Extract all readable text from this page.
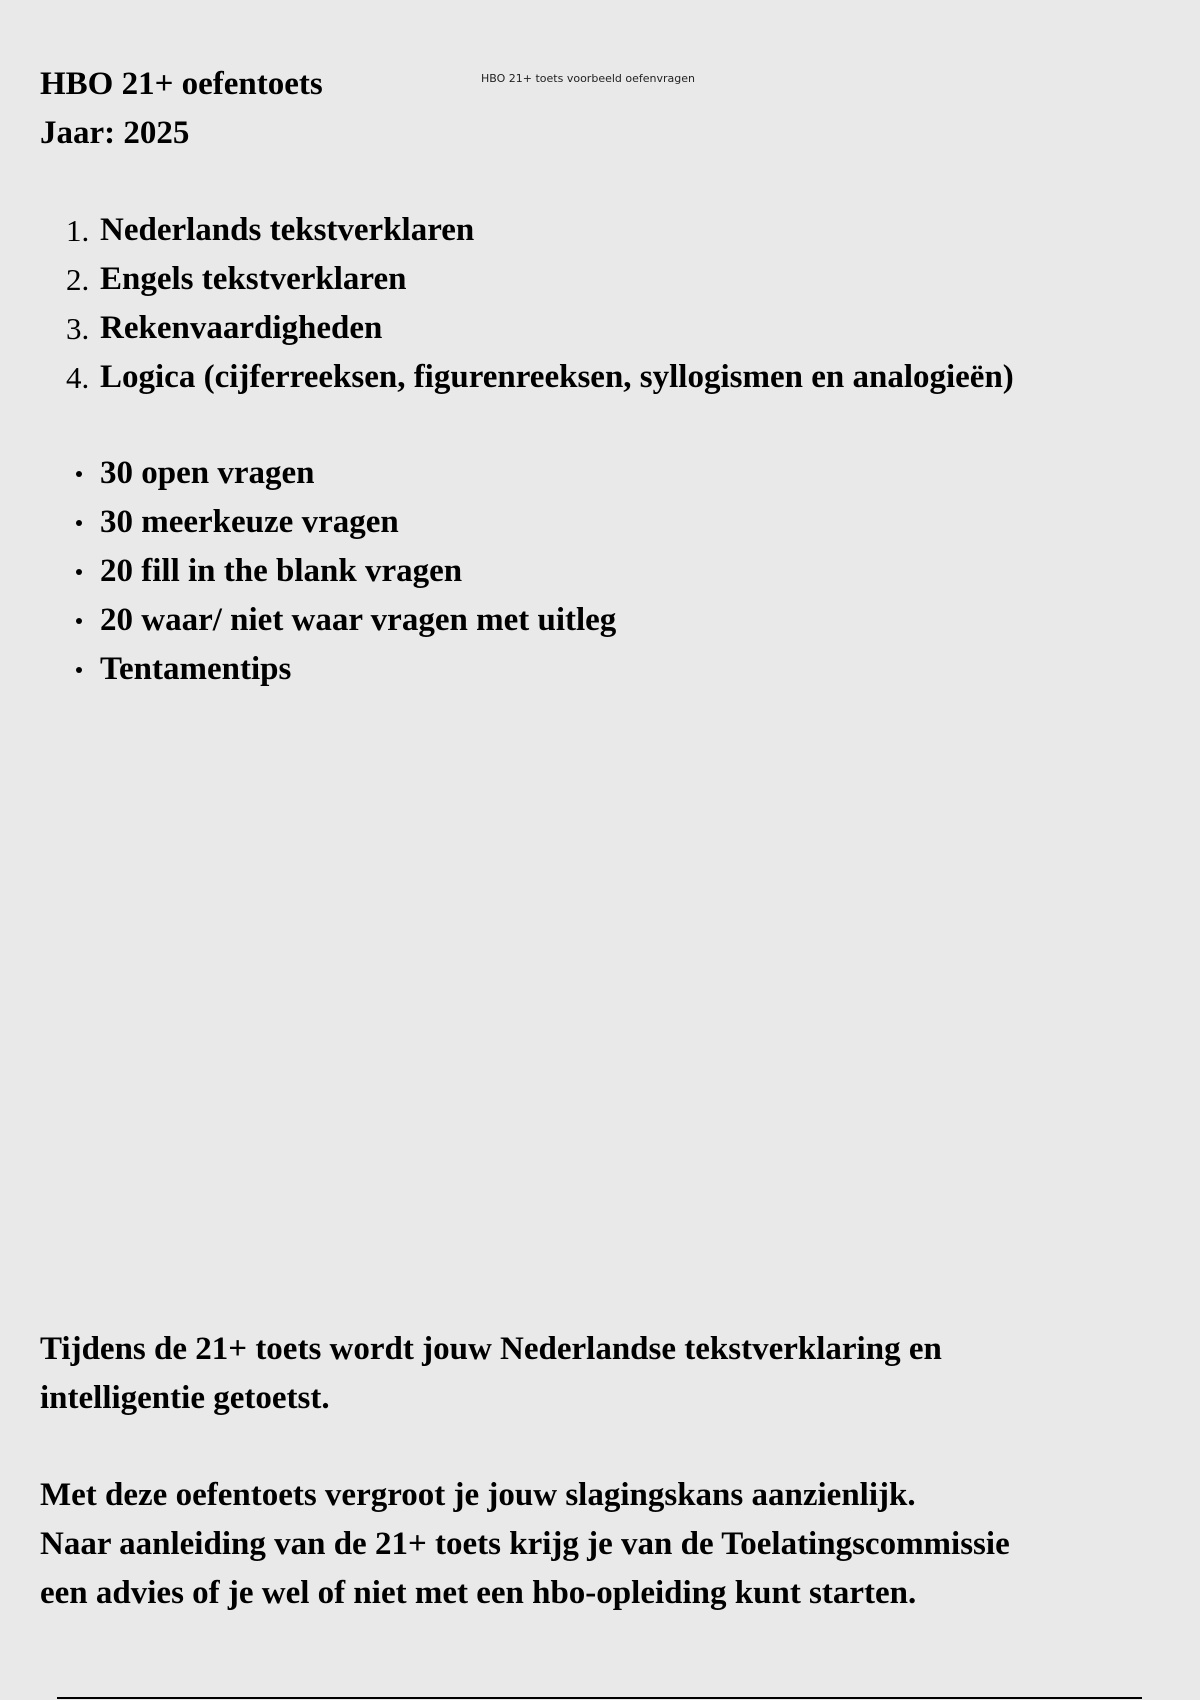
HBO 21+ oefentoets
Jaar: 2025
HBO 21+ toets voorbeeld oefenvragen
1. Nederlands tekstverklaren
2. Engels tekstverklaren
3. Rekenvaardigheden
4. Logica (cijferreeksen, figurenreeksen, syllogismen en analogieën)
30 open vragen
30 meerkeuze vragen
20 fill in the blank vragen
20 waar/ niet waar vragen met uitleg
Tentamentips

Tijdens de 21+ toets wordt jouw Nederlandse tekstverklaring en

intelligentie getoetst.

Met deze oefentoets vergroot je jouw slagingskans aanzienlijk.

Naar aanleiding van de 21+ toets krijg je van de Toelatingscommissie

een advies of je wel of niet met een hbo-opleiding kunt starten.
